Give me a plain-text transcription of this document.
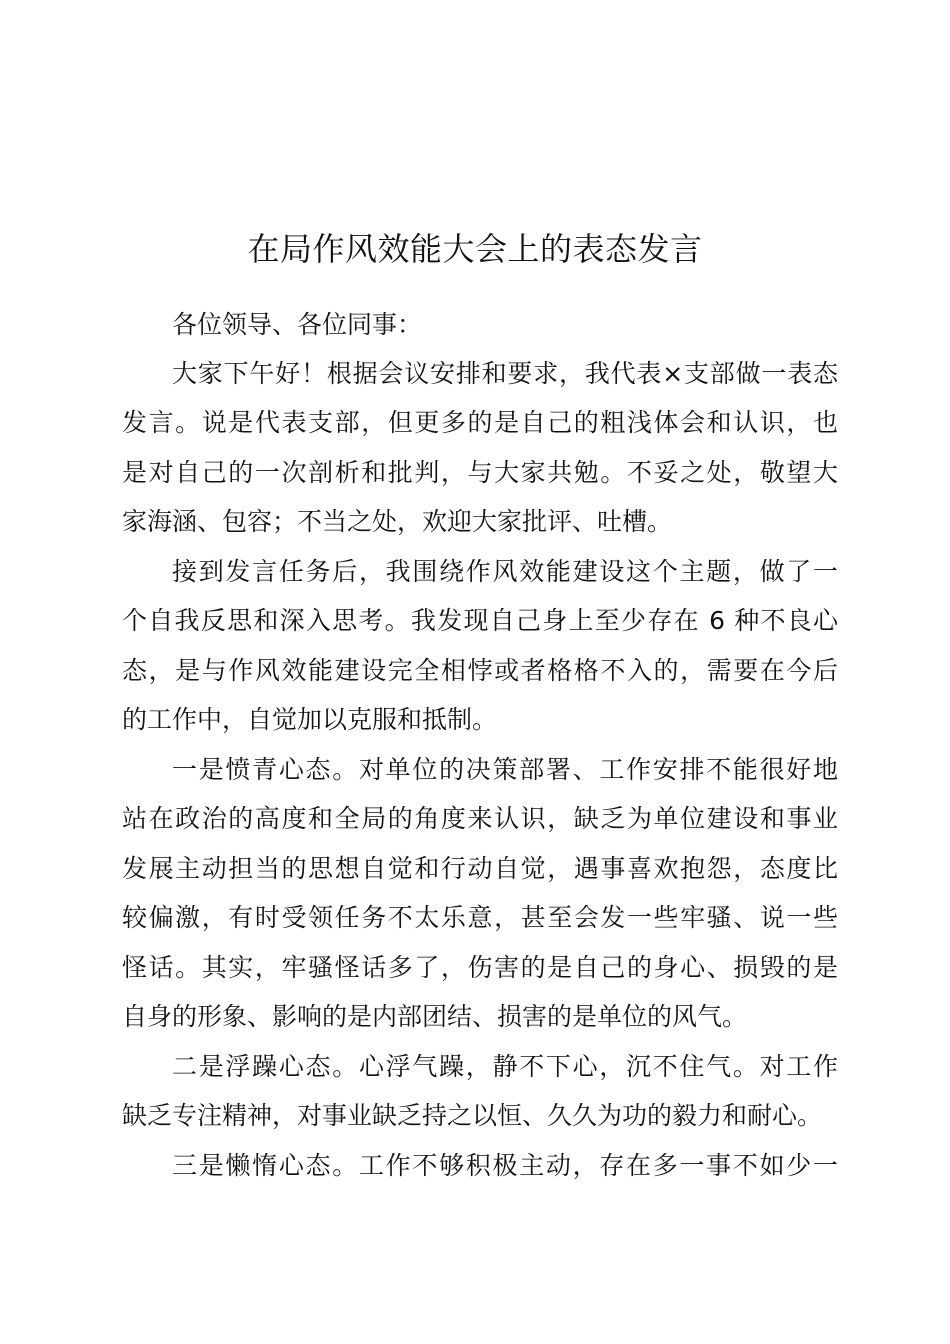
在局作风效能大会上的表态发言

各位领导、各位同事：

大家下午好！根据会议安排和要求，我代表×支部做一表态

发言。说是代表支部，但更多的是自己的粗浅体会和认识，也

是对自己的一次剖析和批判，与大家共勉。不妥之处，敬望大

家海涵、包容；不当之处，欢迎大家批评、吐槽。

接到发言任务后，我围绕作风效能建设这个主题，做了一

个自我反思和深入思考。我发现自己身上至少存在 6 种不良心

态，是与作风效能建设完全相悖或者格格不入的，需要在今后

的工作中，自觉加以克服和抵制。

一是愤青心态。对单位的决策部署、工作安排不能很好地

站在政治的高度和全局的角度来认识，缺乏为单位建设和事业

发展主动担当的思想自觉和行动自觉，遇事喜欢抱怨，态度比

较偏激，有时受领任务不太乐意，甚至会发一些牢骚、说一些

怪话。其实，牢骚怪话多了，伤害的是自己的身心、损毁的是

自身的形象、影响的是内部团结、损害的是单位的风气。

二是浮躁心态。心浮气躁，静不下心，沉不住气。对工作

缺乏专注精神，对事业缺乏持之以恒、久久为功的毅力和耐心。

三是懒惰心态。工作不够积极主动，存在多一事不如少一
